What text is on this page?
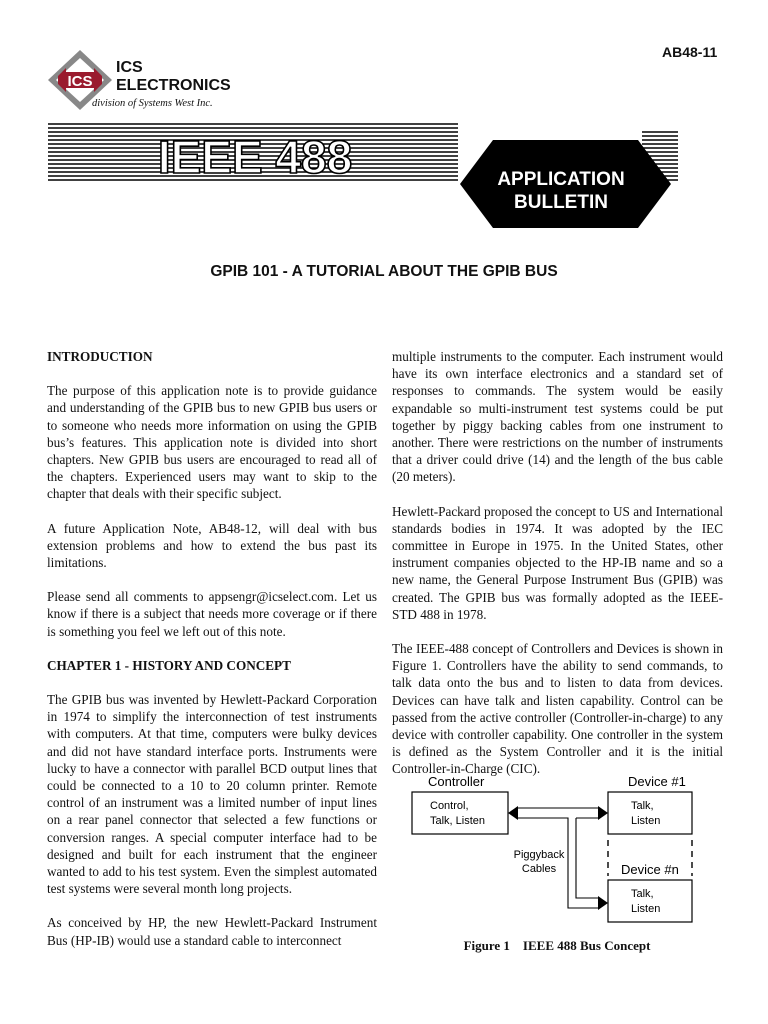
AB48-11
ICS
ICS
ELECTRONICS
division of Systems West Inc.
IEEE 488	APPLICATION
BULLETIN
GPIB 101 - A TUTORIAL ABOUT THE GPIB BUS
INTRODUCTION

The purpose of this application note is to provide guidance and understanding of the GPIB bus to new GPIB bus users or to someone who needs more information on using the GPIB bus’s features. This application note is divided into short chapters. New GPIB bus users are encouraged to read all of the chapters. Experienced users may want to skip to the chapter that deals with their specific subject.

A future Application Note, AB48-12, will deal with bus extension problems and how to extend the bus past its limitations.

Please send all comments to appsengr@icselect.com. Let us know if there is a subject that needs more coverage or if there is something you feel we left out of this note.

CHAPTER 1 - HISTORY AND CONCEPT

The GPIB bus was invented by Hewlett-Packard Corporation in 1974 to simplify the interconnection of test instruments with computers. At that time, computers were bulky devices and did not have standard interface ports. Instruments were lucky to have a connector with parallel BCD output lines that could be connected to a 10 to 20 column printer. Remote control of an instrument was a limited number of input lines on a rear panel connector that selected a few functions or conversion ranges. A special computer interface had to be designed and built for each instrument that the engineer wanted to add to his test system. Even the simplest automated test systems were several month long projects.

As conceived by HP, the new Hewlett-Packard Instrument Bus (HP-IB) would use a standard cable to interconnect

multiple instruments to the computer. Each instrument would have its own interface electronics and a standard set of responses to commands. The system would be easily expandable so multi-instrument test systems could be put together by piggy backing cables from one instrument to another. There were restrictions on the number of instruments that a driver could drive (14) and the length of the bus cable (20 meters).

Hewlett-Packard proposed the concept to US and International standards bodies in 1974. It was adopted by the IEC committee in Europe in 1975. In the United States, other instrument companies objected to the HP-IB name and so a new name, the General Purpose Instrument Bus (GPIB) was created. The GPIB bus was formally adopted as the IEEE-STD 488 in 1978.

The IEEE-488 concept of Controllers and Devices is shown in Figure 1. Controllers have the ability to send commands, to talk data onto the bus and to listen to data from devices. Devices can have talk and listen capability. Control can be passed from the active controller (Controller-in-charge) to any device with controller capability. One controller in the system is defined as the System Controller and it is the initial Controller-in-Charge (CIC).

Controller
Control,
Talk, Listen
Device #1
Talk,
Listen
Device #n
Talk,
Listen
Piggyback
Cables
Figure 1    IEEE 488 Bus Concept
